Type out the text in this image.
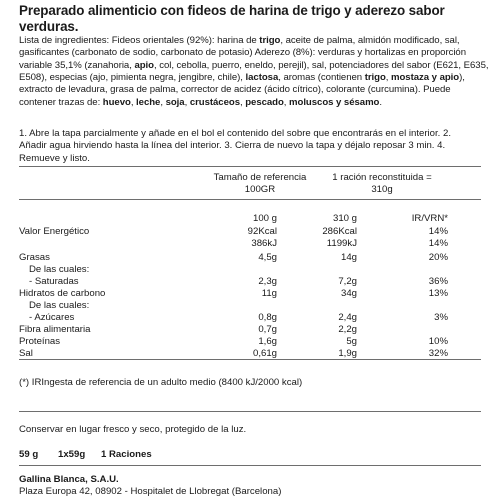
Preparado alimenticio con fideos de harina de trigo y aderezo sabor verduras.
Lista de ingredientes: Fideos orientales (92%): harina de trigo, aceite de palma, almidón modificado, sal, gasificantes (carbonato de sodio, carbonato de potasio) Aderezo (8%): verduras y hortalizas en proporción variable 35,1% (zanahoria, apio, col, cebolla, puerro, eneldo, perejil), sal, potenciadores del sabor (E621, E635, E508), especias (ajo, pimienta negra, jengibre, chile), lactosa, aromas (contienen trigo, mostaza y apio), extracto de levadura, grasa de palma, corrector de acidez (ácido cítrico), colorante (curcumina). Puede contener trazas de: huevo, leche, soja, crustáceos, pescado, moluscos y sésamo.
1. Abre la tapa parcialmente y añade en el bol el contenido del sobre que encontrarás en el interior. 2. Añadir agua hirviendo hasta la línea del interior. 3. Cierra de nuevo la tapa y déjalo reposar 3 min. 4. Remueve y listo.
Tamaño de referencia
100GR
1 ración reconstituida =
310g
100 g	310 g	IR/VRN*
Valor Energético	92Kcal	286Kcal	14%
386kJ	1199kJ	14%
Grasas	4,5g	14g	20%
De las cuales:
- Saturadas	2,3g	7,2g	36%
Hidratos de carbono	11g	34g	13%
De las cuales:
- Azúcares	0,8g	2,4g	3%
Fibra alimentaria	0,7g	2,2g
Proteínas	1,6g	5g	10%
Sal	0,61g	1,9g	32%
(*) IRIngesta de referencia de un adulto medio (8400 kJ/2000 kcal)
Conservar en lugar fresco y seco, protegido de la luz.
59 g 1x59g 1 Raciones
Gallina Blanca, S.A.U.
Plaza Europa 42, 08902 - Hospitalet de Llobregat (Barcelona)
